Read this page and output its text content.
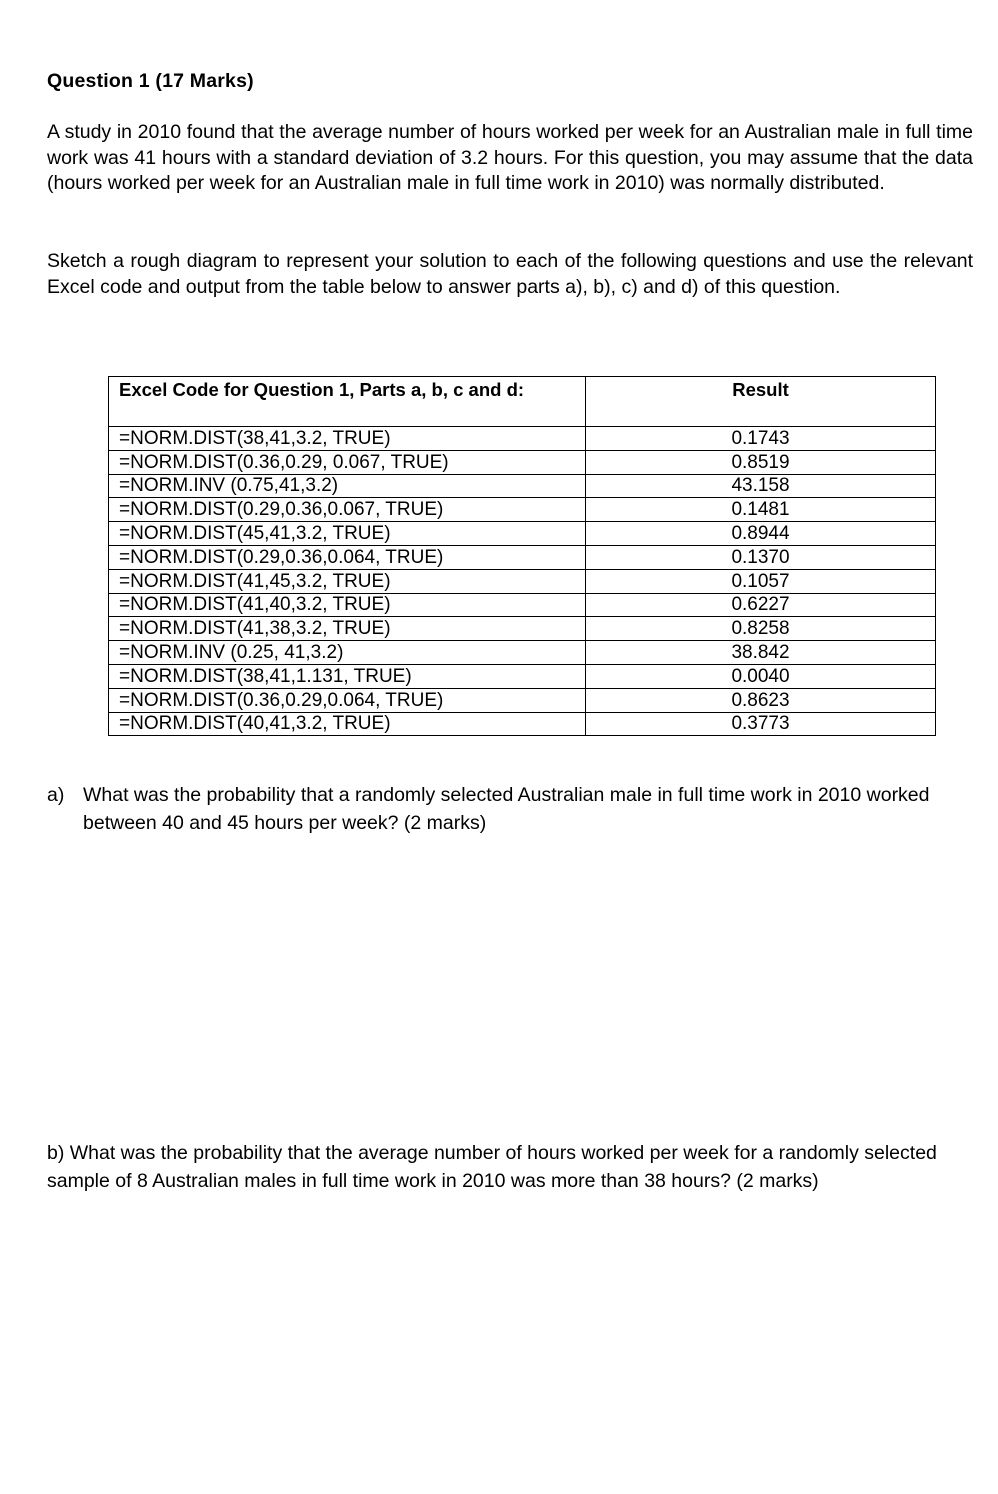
Question 1 (17 Marks)
A study in 2010 found that the average number of hours worked per week for an Australian male in full time work was 41 hours with a standard deviation of 3.2 hours. For this question, you may assume that the data (hours worked per week for an Australian male in full time work in 2010) was normally distributed.
Sketch a rough diagram to represent your solution to each of the following questions and use the relevant Excel code and output from the table below to answer parts a), b), c) and d) of this question.
Excel Code for Question 1, Parts a, b, c and d:	Result
=NORM.DIST(38,41,3.2, TRUE)	0.1743
=NORM.DIST(0.36,0.29, 0.067, TRUE)	0.8519
=NORM.INV (0.75,41,3.2)	43.158
=NORM.DIST(0.29,0.36,0.067, TRUE)	0.1481
=NORM.DIST(45,41,3.2, TRUE)	0.8944
=NORM.DIST(0.29,0.36,0.064, TRUE)	0.1370
=NORM.DIST(41,45,3.2, TRUE)	0.1057
=NORM.DIST(41,40,3.2, TRUE)	0.6227
=NORM.DIST(41,38,3.2, TRUE)	0.8258
=NORM.INV (0.25, 41,3.2)	38.842
=NORM.DIST(38,41,1.131, TRUE)	0.0040
=NORM.DIST(0.36,0.29,0.064, TRUE)	0.8623
=NORM.DIST(40,41,3.2, TRUE)	0.3773
a) What was the probability that a randomly selected Australian male in full time work in 2010 worked between 40 and 45 hours per week? (2 marks)
b) What was the probability that the average number of hours worked per week for a randomly selected sample of 8 Australian males in full time work in 2010 was more than 38 hours? (2 marks)
